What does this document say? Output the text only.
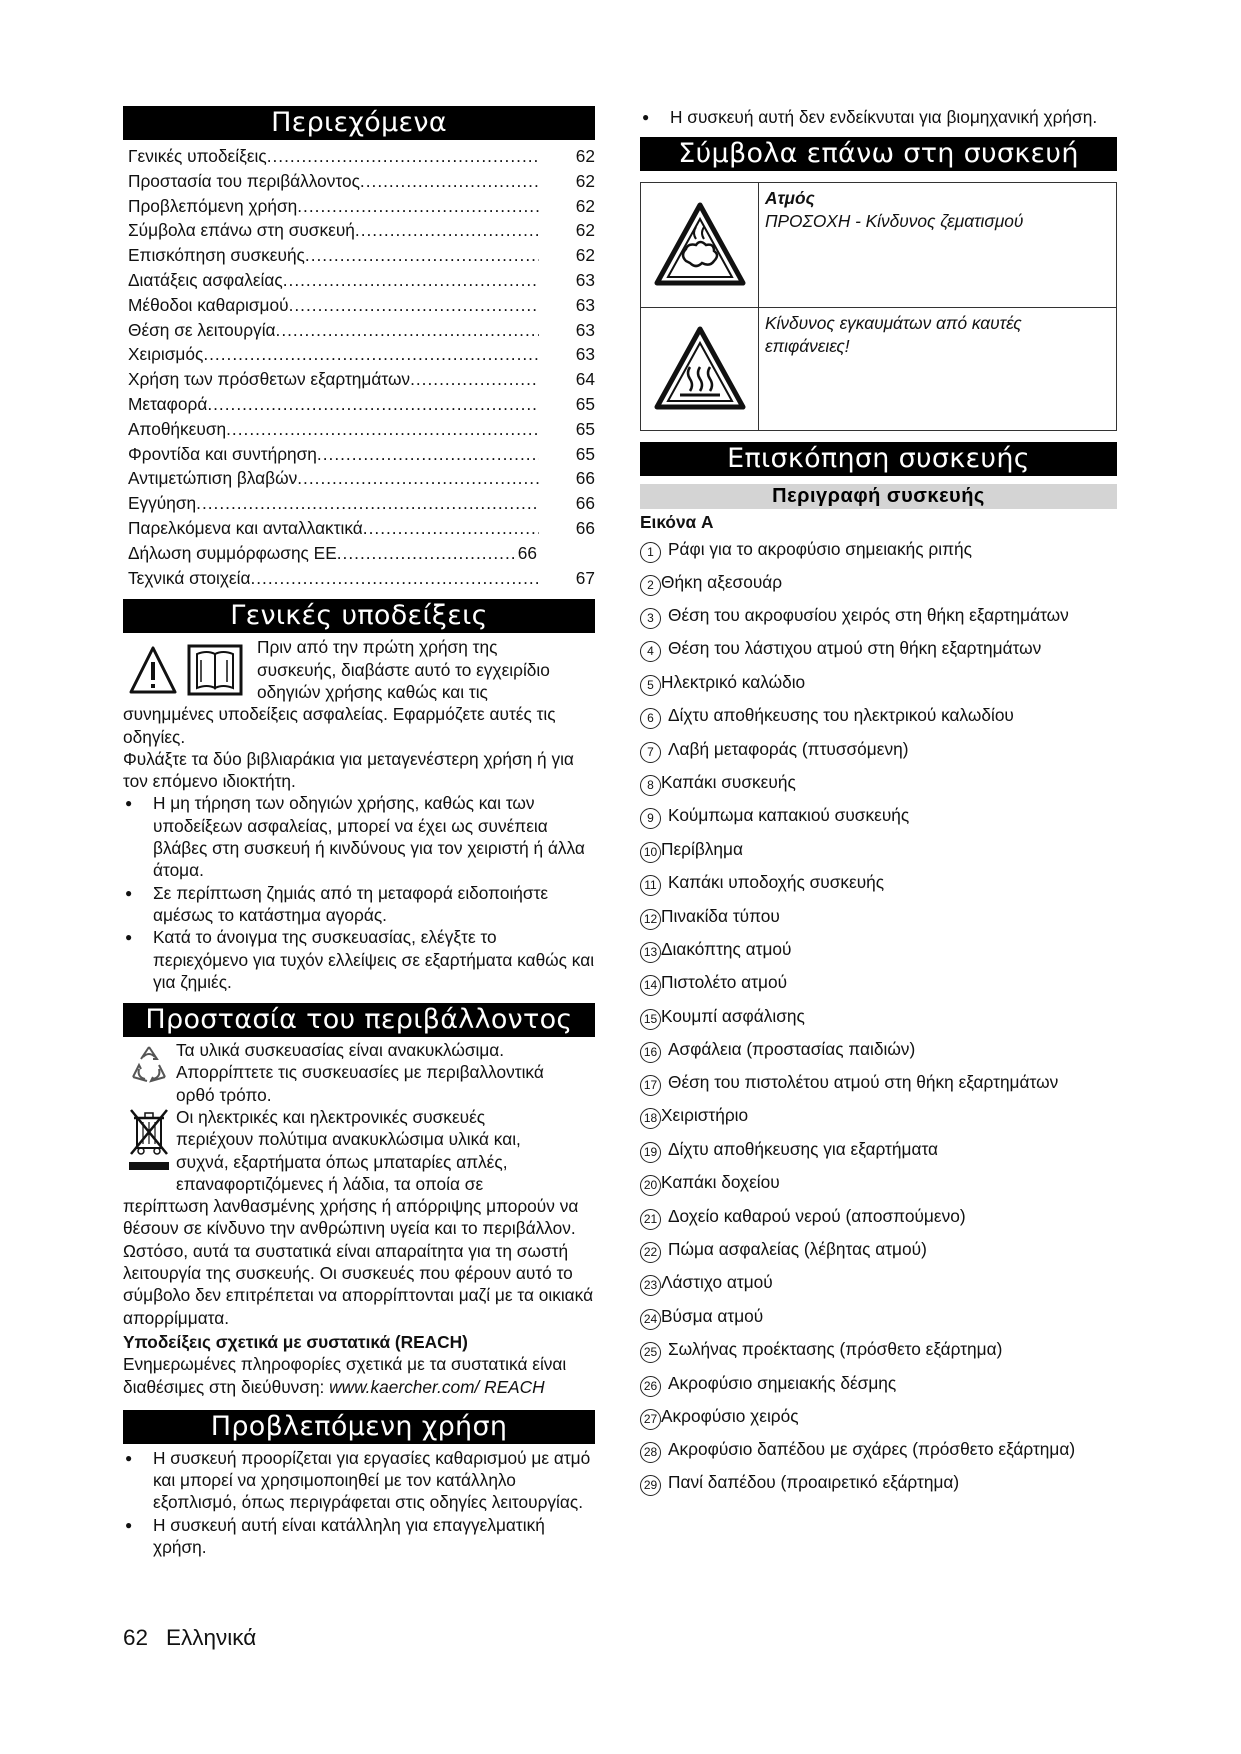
Περιεχόμενα
Γενικές υποδείξεις .....	62
Προστασία του περιβάλλοντος .....	62
Προβλεπόμενη χρήση .....	62
Σύμβολα επάνω στη συσκευή .....	62
Επισκόπηση συσκευής .....	62
Διατάξεις ασφαλείας .....	63
Μέθοδοι καθαρισμού .....	63
Θέση σε λειτουργία .....	63
Χειρισμός .....	63
Χρήση των πρόσθετων εξαρτημάτων .....	64
Μεταφορά .....	65
Αποθήκευση .....	65
Φροντίδα και συντήρηση .....	65
Αντιμετώπιση βλαβών .....	66
Εγγύηση .....	66
Παρελκόμενα και ανταλλακτικά .....	66
Δήλωση συμμόρφωσης ΕΕ .....	66
Τεχνικά στοιχεία .....	67
Γενικές υποδείξεις
Πριν από την πρώτη χρήση της
συσκευής, διαβάστε αυτό το εγχειρίδιο
οδηγιών χρήσης καθώς και τις
συνημμένες υποδείξεις ασφαλείας. Εφαρμόζετε αυτές τις οδηγίες.
Φυλάξτε τα δύο βιβλιαράκια για μεταγενέστερη χρήση ή για τον επόμενο ιδιοκτήτη.
● Η μη τήρηση των οδηγιών χρήσης, καθώς και των υποδείξεων ασφαλείας, μπορεί να έχει ως συνέπεια βλάβες στη συσκευή ή κινδύνους για τον χειριστή ή άλλα άτομα.
● Σε περίπτωση ζημιάς από τη μεταφορά ειδοποιήστε αμέσως το κατάστημα αγοράς.
● Κατά το άνοιγμα της συσκευασίας, ελέγξτε το περιεχόμενο για τυχόν ελλείψεις σε εξαρτήματα καθώς και για ζημιές.
Προστασία του περιβάλλοντος
Τα υλικά συσκευασίας είναι ανακυκλώσιμα.
Απορρίπτετε τις συσκευασίες με περιβαλλοντικά
ορθό τρόπο.
Οι ηλεκτρικές και ηλεκτρονικές συσκευές
περιέχουν πολύτιμα ανακυκλώσιμα υλικά και,
συχνά, εξαρτήματα όπως μπαταρίες απλές,
επαναφορτιζόμενες ή λάδια, τα οποία σε
περίπτωση λανθασμένης χρήσης ή απόρριψης μπορούν να θέσουν σε κίνδυνο την ανθρώπινη υγεία και το περιβάλλον. Ωστόσο, αυτά τα συστατικά είναι απαραίτητα για τη σωστή λειτουργία της συσκευής. Οι συσκευές που φέρουν αυτό το σύμβολο δεν επιτρέπεται να απορρίπτονται μαζί με τα οικιακά απορρίμματα.
Υποδείξεις σχετικά με συστατικά (REACH)
Ενημερωμένες πληροφορίες σχετικά με τα συστατικά είναι διαθέσιμες στη διεύθυνση: www.kaercher.com/ REACH
Προβλεπόμενη χρήση
● Η συσκευή προορίζεται για εργασίες καθαρισμού με ατμό και μπορεί να χρησιμοποιηθεί με τον κατάλληλο εξοπλισμό, όπως περιγράφεται στις οδηγίες λειτουργίας.
● Η συσκευή αυτή είναι κατάλληλη για επαγγελματική χρήση.
● Η συσκευή αυτή δεν ενδείκνυται για βιομηχανική χρήση.
Σύμβολα επάνω στη συσκευή
Ατμός
ΠΡΟΣΟΧΗ - Κίνδυνος ζεματισμού
Κίνδυνος εγκαυμάτων από καυτές επιφάνειες!
Επισκόπηση συσκευής
Περιγραφή συσκευής
Εικόνα A
1 Ράφι για το ακροφύσιο σημειακής ριπής
2 Θήκη αξεσουάρ
3 Θέση του ακροφυσίου χειρός στη θήκη εξαρτημάτων
4 Θέση του λάστιχου ατμού στη θήκη εξαρτημάτων
5 Ηλεκτρικό καλώδιο
6 Δίχτυ αποθήκευσης του ηλεκτρικού καλωδίου
7 Λαβή μεταφοράς (πτυσσόμενη)
8 Καπάκι συσκευής
9 Κούμπωμα καπακιού συσκευής
10 Περίβλημα
11 Καπάκι υποδοχής συσκευής
12 Πινακίδα τύπου
13 Διακόπτης ατμού
14 Πιστολέτο ατμού
15 Κουμπί ασφάλισης
16 Ασφάλεια (προστασίας παιδιών)
17 Θέση του πιστολέτου ατμού στη θήκη εξαρτημάτων
18 Χειριστήριο
19 Δίχτυ αποθήκευσης για εξαρτήματα
20 Καπάκι δοχείου
21 Δοχείο καθαρού νερού (αποσπούμενο)
22 Πώμα ασφαλείας (λέβητας ατμού)
23 Λάστιχο ατμού
24 Βύσμα ατμού
25 Σωλήνας προέκτασης (πρόσθετο εξάρτημα)
26 Ακροφύσιο σημειακής δέσμης
27 Ακροφύσιο χειρός
28 Ακροφύσιο δαπέδου με σχάρες (πρόσθετο εξάρτημα)
29 Πανί δαπέδου (προαιρετικό εξάρτημα)
62 Ελληνικά
